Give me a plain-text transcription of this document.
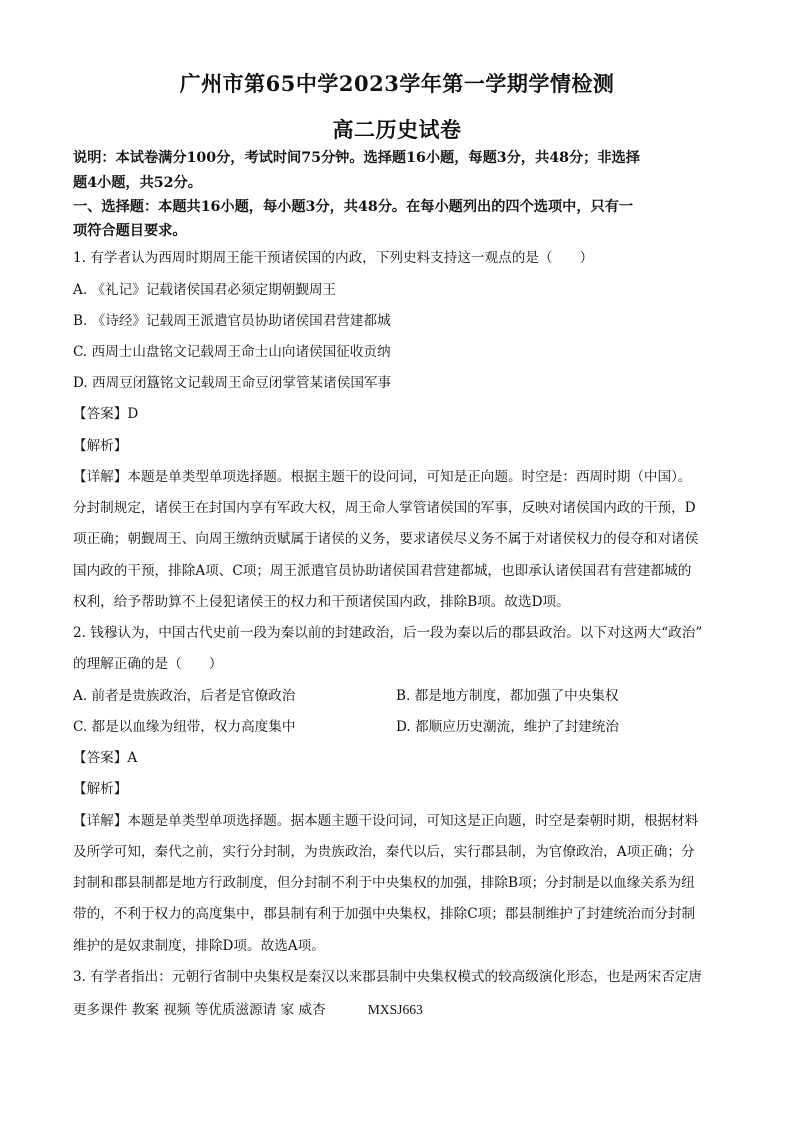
广州市第65中学2023学年第一学期学情检测
高二历史试卷
说明：本试卷满分100分，考试时间75分钟。选择题16小题，每题3分，共48分；非选择
题4小题，共52分。
一、选择题：本题共16小题，每小题3分，共48分。在每小题列出的四个选项中，只有一
项符合题目要求。
1. 有学者认为西周时期周王能干预诸侯国的内政，下列史料支持这一观点的是（　　）
A. 《礼记》记载诸侯国君必须定期朝觐周王
B. 《诗经》记载周王派遣官员协助诸侯国君营建都城
C. 西周士山盘铭文记载周王命士山向诸侯国征收贡纳
D. 西周豆闭簋铭文记载周王命豆闭掌管某诸侯国军事
【答案】D
【解析】
【详解】本题是单类型单项选择题。根据主题干的设问词，可知是正向题。时空是：西周时期（中国）。
分封制规定，诸侯王在封国内享有军政大权，周王命人掌管诸侯国的军事，反映对诸侯国内政的干预，D
项正确；朝觐周王、向周王缴纳贡赋属于诸侯的义务，要求诸侯尽义务不属于对诸侯权力的侵夺和对诸侯
国内政的干预，排除A项、C项；周王派遣官员协助诸侯国君营建都城，也即承认诸侯国君有营建都城的
权利，给予帮助算不上侵犯诸侯王的权力和干预诸侯国内政，排除B项。故选D项。
2. 钱穆认为，中国古代史前一段为秦以前的封建政治，后一段为秦以后的郡县政治。以下对这两大“政治”
的理解正确的是（　　）
A. 前者是贵族政治，后者是官僚政治	B. 都是地方制度，都加强了中央集权
C. 都是以血缘为纽带，权力高度集中	D. 都顺应历史潮流，维护了封建统治
【答案】A
【解析】
【详解】本题是单类型单项选择题。据本题主题干设问词，可知这是正向题，时空是秦朝时期，根据材料
及所学可知，秦代之前，实行分封制，为贵族政治，秦代以后，实行郡县制，为官僚政治，A项正确；分
封制和郡县制都是地方行政制度，但分封制不利于中央集权的加强，排除B项；分封制是以血缘关系为纽
带的，不利于权力的高度集中，郡县制有利于加强中央集权，排除C项；郡县制维护了封建统治而分封制
维护的是奴隶制度，排除D项。故选A项。
3. 有学者指出：元朝行省制中央集权是秦汉以来郡县制中央集权模式的较高级演化形态，也是两宋否定唐
更多课件 教案 视频 等优质滋源请 家 威杏	MXSJ663
